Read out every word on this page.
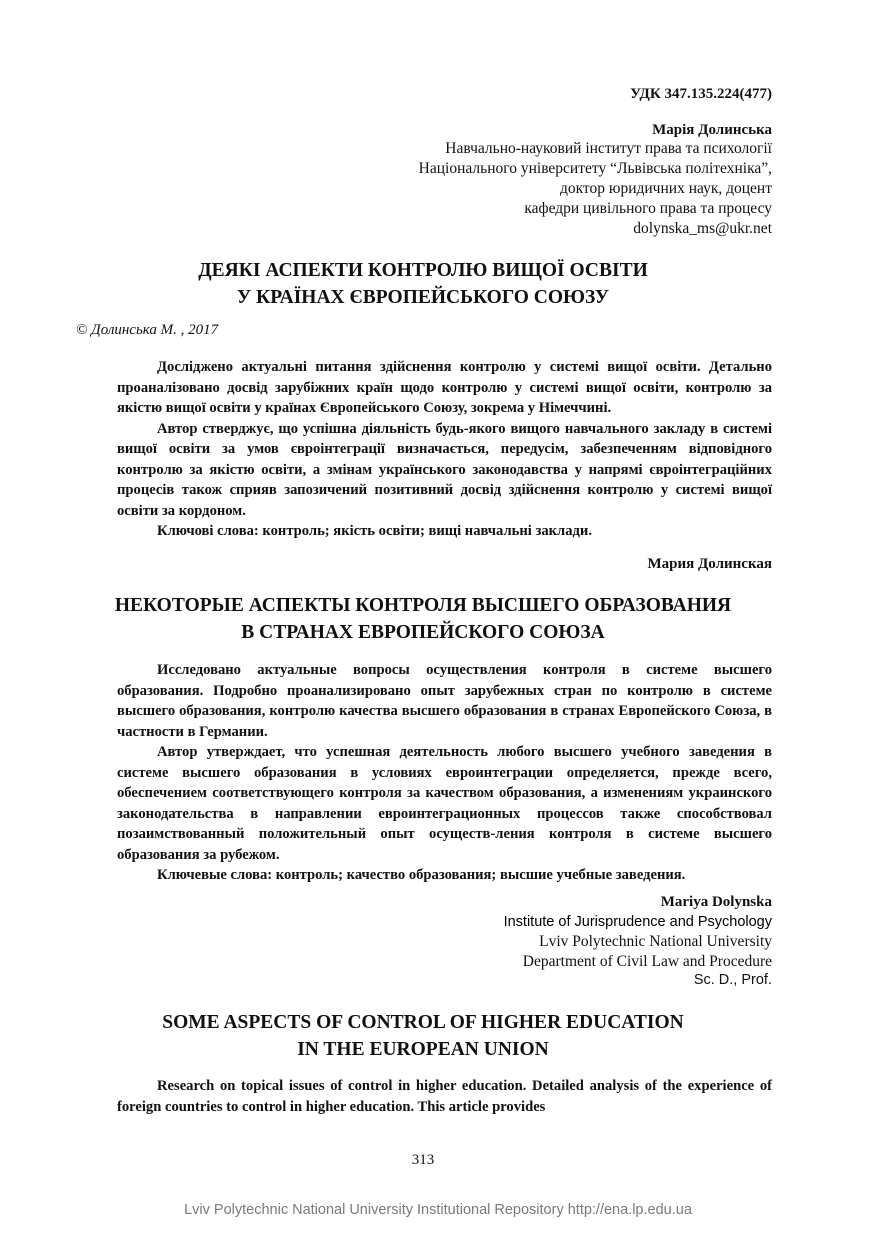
УДК 347.135.224(477)
Марія Долинська
Навчально-науковий інститут права та психології
Національного університету “Львівська політехніка”,
доктор юридичних наук, доцент
кафедри цивільного права та процесу
dolynska_ms@ukr.net
ДЕЯКІ АСПЕКТИ КОНТРОЛЮ ВИЩОЇ ОСВІТИ
У КРАЇНАХ ЄВРОПЕЙСЬКОГО СОЮЗУ
© Долинська М. , 2017

Досліджено актуальні питання здійснення контролю у системі вищої освіти. Детально проаналізовано досвід зарубіжних країн щодо контролю у системі вищої освіти, контролю за якістю вищої освіти у країнах Європейського Союзу, зокрема у Німеччині.

Автор стверджує, що успішна діяльність будь-якого вищого навчального закладу в системі вищої освіти за умов євроінтеграції визначається, передусім, забезпеченням відповідного контролю за якістю освіти, а змінам українського законодавства у напрямі євроінтеграційних процесів також сприяв запозичений позитивний досвід здійснення контролю у системі вищої освіти за кордоном.

Ключові слова: контроль; якість освіти; вищі навчальні заклади.

Мария Долинская
НЕКОТОРЫЕ АСПЕКТЫ КОНТРОЛЯ ВЫСШЕГО ОБРАЗОВАНИЯ
В СТРАНАХ ЕВРОПЕЙСКОГО СОЮЗА

Исследовано актуальные вопросы осуществления контроля в системе высшего образования. Подробно проанализировано опыт зарубежных стран по контролю в системе высшего образования, контролю качества высшего образования в странах Европейского Союза, в частности в Германии.

Автор утверждает, что успешная деятельность любого высшего учебного заведения в системе высшего образования в условиях евроинтеграции определяется, прежде всего, обеспечением соответствующего контроля за качеством образования, а изменениям украинского законодательства в направлении евроинтеграционных процессов также способствовал позаимствованный положительный опыт осуществ-ления контроля в системе высшего образования за рубежом.

Ключевые слова: контроль; качество образования; высшие учебные заведения.

Mariya Dolynska
Institute of Jurisprudence and Psychology
Lviv Polytechnic National University
Department of Civil Law and Procedure
Sc. D., Prof.
SOME ASPECTS OF CONTROL OF HIGHER EDUCATION
IN THE EUROPEAN UNION

Research on topical issues of control in higher education. Detailed analysis of the experience of foreign countries to control in higher education. This article provides

313
Lviv Polytechnic National University Institutional Repository http://ena.lp.edu.ua
